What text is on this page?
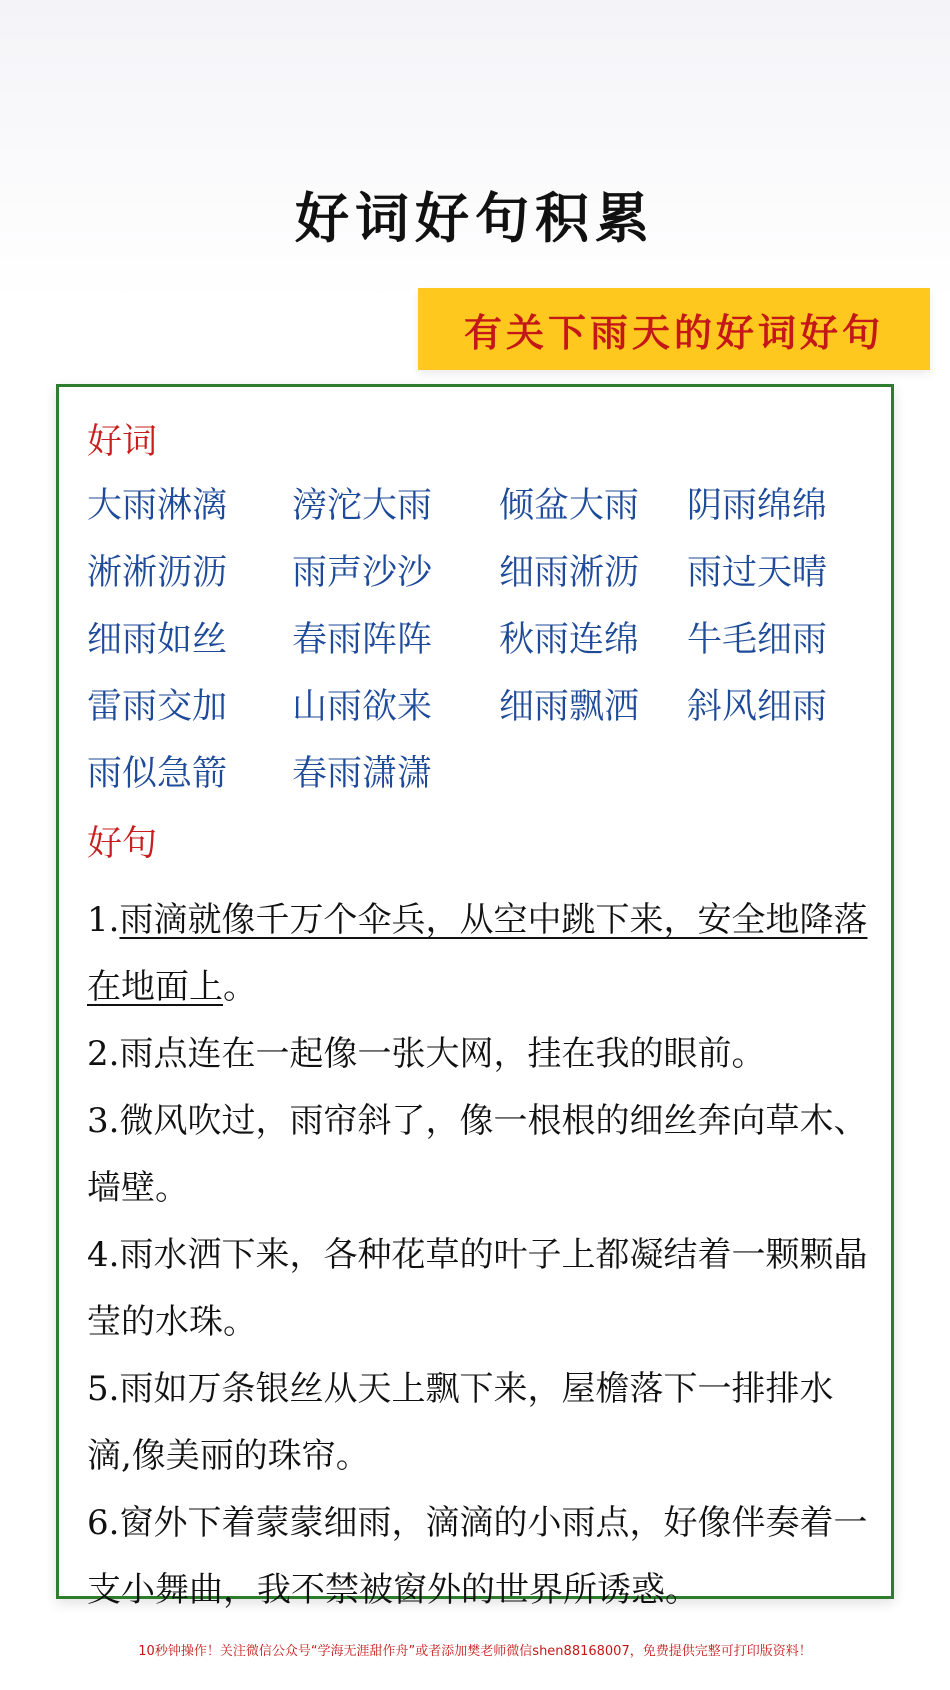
好词好句积累
有关下雨天的好词好句
好词
大雨淋漓 滂沱大雨 倾盆大雨 阴雨绵绵
淅淅沥沥 雨声沙沙 细雨淅沥 雨过天晴
细雨如丝 春雨阵阵 秋雨连绵 牛毛细雨
雷雨交加 山雨欲来 细雨飘洒 斜风细雨
雨似急箭 春雨潇潇
好句

1.雨滴就像千万个伞兵，从空中跳下来，安全地降落在地面上。

2.雨点连在一起像一张大网，挂在我的眼前。

3.微风吹过，雨帘斜了，像一根根的细丝奔向草木、墙壁。

4.雨水洒下来，各种花草的叶子上都凝结着一颗颗晶莹的水珠。

5.雨如万条银丝从天上飘下来，屋檐落下一排排水滴,像美丽的珠帘。

6.窗外下着蒙蒙细雨，滴滴的小雨点，好像伴奏着一支小舞曲，我不禁被窗外的世界所诱惑。

10秒钟操作！关注微信公众号“学海无涯甜作舟”或者添加樊老师微信shen88168007，免费提供完整可打印版资料！
